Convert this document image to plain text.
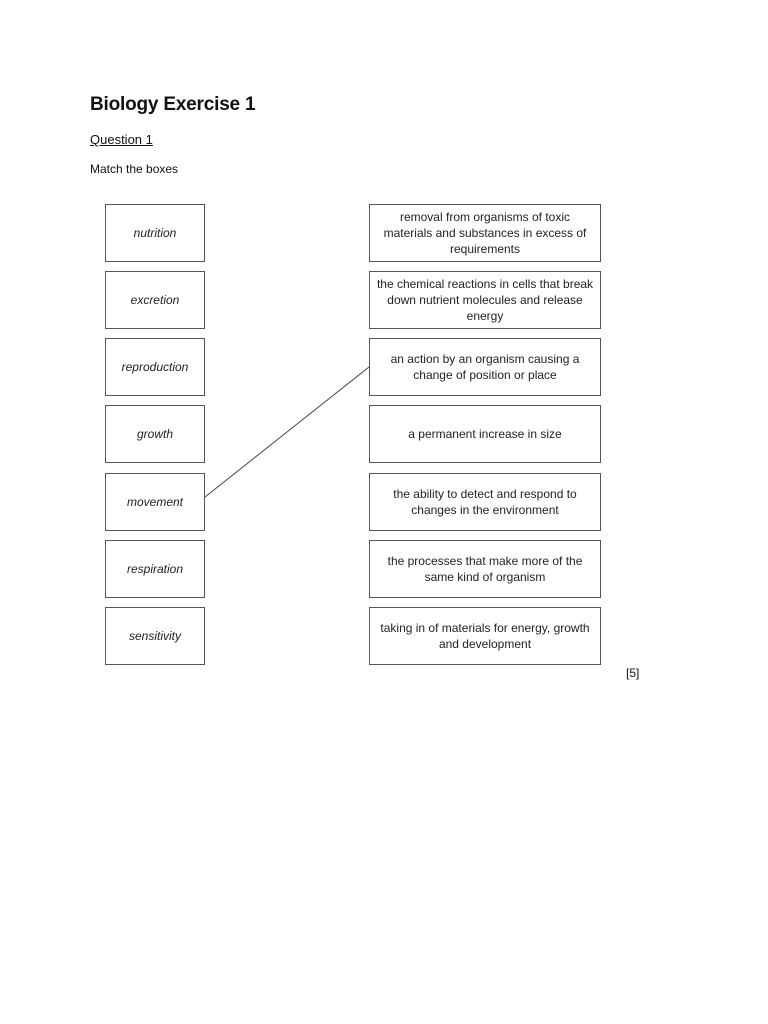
Biology Exercise 1
Question 1
Match the boxes
nutrition
excretion
reproduction
growth
movement
respiration
sensitivity
removal from organisms of toxic materials and substances in excess of requirements
the chemical reactions in cells that break down nutrient molecules and release energy
an action by an organism causing a change of position or place
a permanent increase in size
the ability to detect and respond to changes in the environment
the processes that make more of the same kind of organism
taking in of materials for energy, growth and development
[5]
